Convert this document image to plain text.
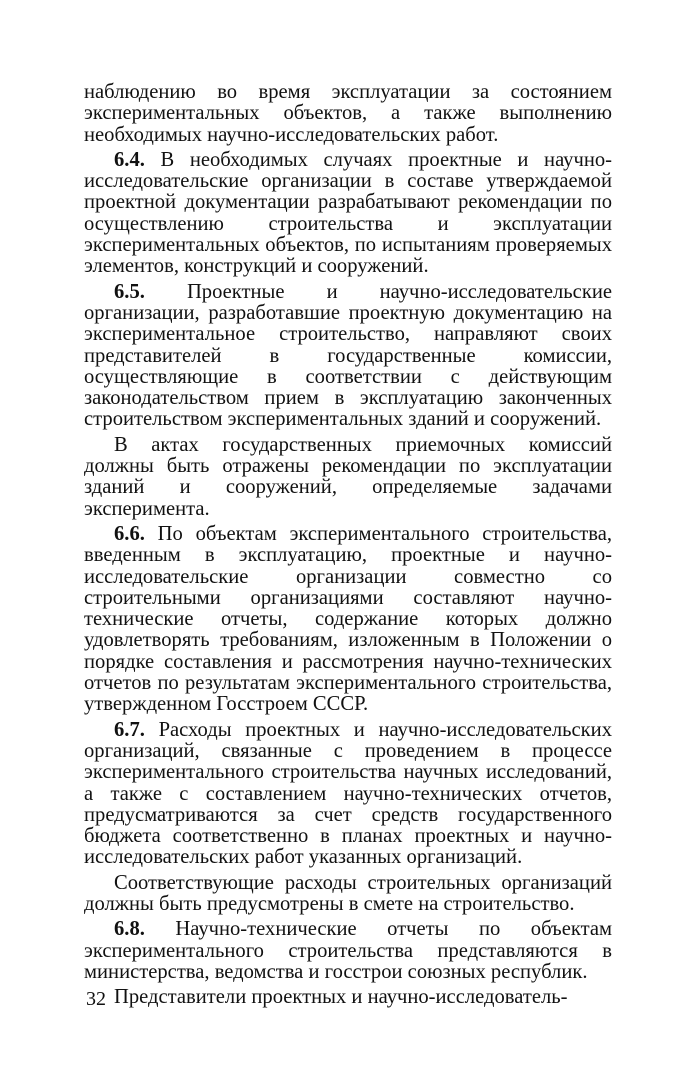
наблюдению во время эксплуатации за состоянием экспериментальных объектов, а также выполнению необходимых научно-исследовательских работ.

6.4. В необходимых случаях проектные и научно-исследовательские организации в составе утверждаемой проектной документации разрабатывают рекомендации по осуществлению строительства и эксплуатации экспериментальных объектов, по испытаниям проверяемых элементов, конструкций и сооружений.

6.5. Проектные и научно-исследовательские организации, разработавшие проектную документацию на экспериментальное строительство, направляют своих представителей в государственные комиссии, осуществляющие в соответствии с действующим законодательством прием в эксплуатацию законченных строительством экспериментальных зданий и сооружений.

В актах государственных приемочных комиссий должны быть отражены рекомендации по эксплуатации зданий и сооружений, определяемые задачами эксперимента.

6.6. По объектам экспериментального строительства, введенным в эксплуатацию, проектные и научно-исследовательские организации совместно со строительными организациями составляют научно-технические отчеты, содержание которых должно удовлетворять требованиям, изложенным в Положении о порядке составления и рассмотрения научно-технических отчетов по результатам экспериментального строительства, утвержденном Госстроем СССР.

6.7. Расходы проектных и научно-исследовательских организаций, связанные с проведением в процессе экспериментального строительства научных исследований, а также с составлением научно-технических отчетов, предусматриваются за счет средств государственного бюджета соответственно в планах проектных и научно-исследовательских работ указанных организаций.

Соответствующие расходы строительных организаций должны быть предусмотрены в смете на строительство.

6.8. Научно-технические отчеты по объектам экспериментального строительства представляются в министерства, ведомства и госстрои союзных республик.

Представители проектных и научно-исследователь-

32
